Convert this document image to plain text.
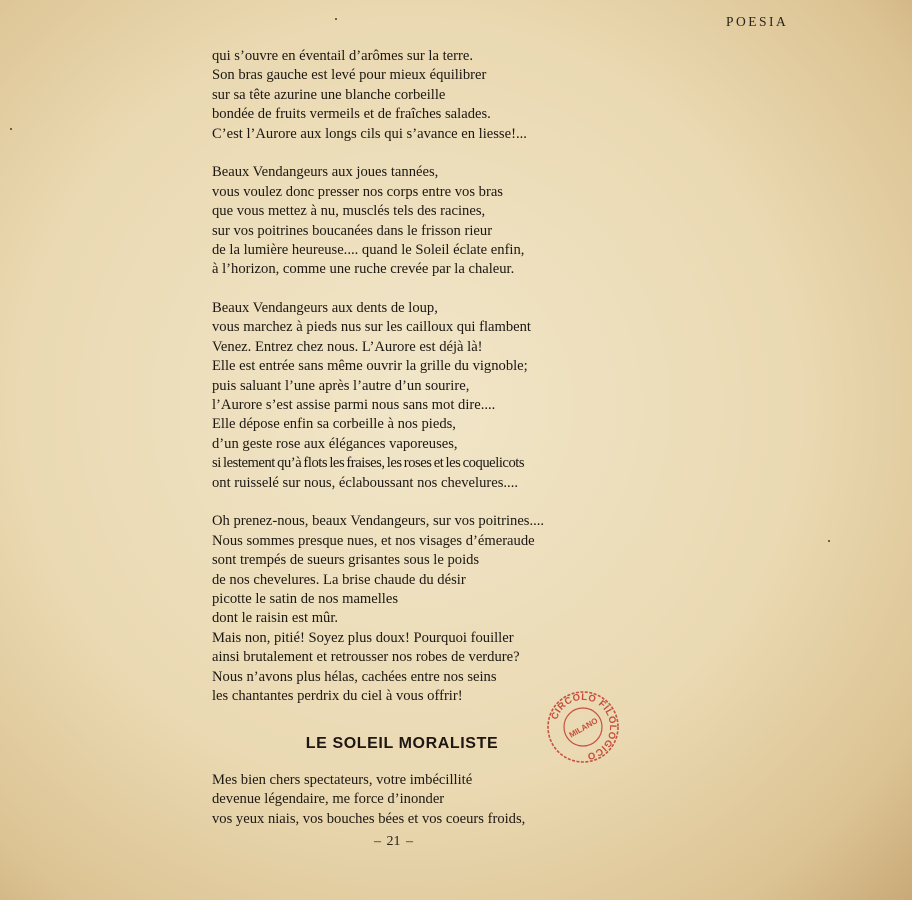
POESIA
qui s’ouvre en éventail d’arômes sur la terre.
Son bras gauche est levé pour mieux équilibrer
sur sa tête azurine une blanche corbeille
bondée de fruits vermeils et de fraîches salades.
C’est l’Aurore aux longs cils qui s’avance en liesse!...
Beaux Vendangeurs aux joues tannées,
vous voulez donc presser nos corps entre vos bras
que vous mettez à nu, musclés tels des racines,
sur vos poitrines boucanées dans le frisson rieur
de la lumière heureuse.... quand le Soleil éclate enfin,
à l’horizon, comme une ruche crevée par la chaleur.
Beaux Vendangeurs aux dents de loup,
vous marchez à pieds nus sur les cailloux qui flambent
Venez. Entrez chez nous. L’Aurore est déjà là!
Elle est entrée sans même ouvrir la grille du vignoble;
puis saluant l’une après l’autre d’un sourire,
l’Aurore s’est assise parmi nous sans mot dire....
Elle dépose enfin sa corbeille à nos pieds,
d’un geste rose aux élégances vaporeuses,
si lestement qu’à flots les fraises, les roses et les coquelicots
ont ruisselé sur nous, éclaboussant nos chevelures....
Oh prenez-nous, beaux Vendangeurs, sur vos poitrines....
Nous sommes presque nues, et nos visages d’émeraude
sont trempés de sueurs grisantes sous le poids
de nos chevelures. La brise chaude du désir
picotte le satin de nos mamelles
dont le raisin est mûr.
Mais non, pitié! Soyez plus doux! Pourquoi fouiller
ainsi brutalement et retrousser nos robes de verdure?
Nous n’avons plus hélas, cachées entre nos seins
les chantantes perdrix du ciel à vous offrir!
LE SOLEIL MORALISTE
Mes bien chers spectateurs, votre imbécillité
devenue légendaire, me force d’inonder
vos yeux niais, vos bouches bées et vos coeurs froids,
CIRCOLO FILOLOGICO
MILANO
– 21 –
